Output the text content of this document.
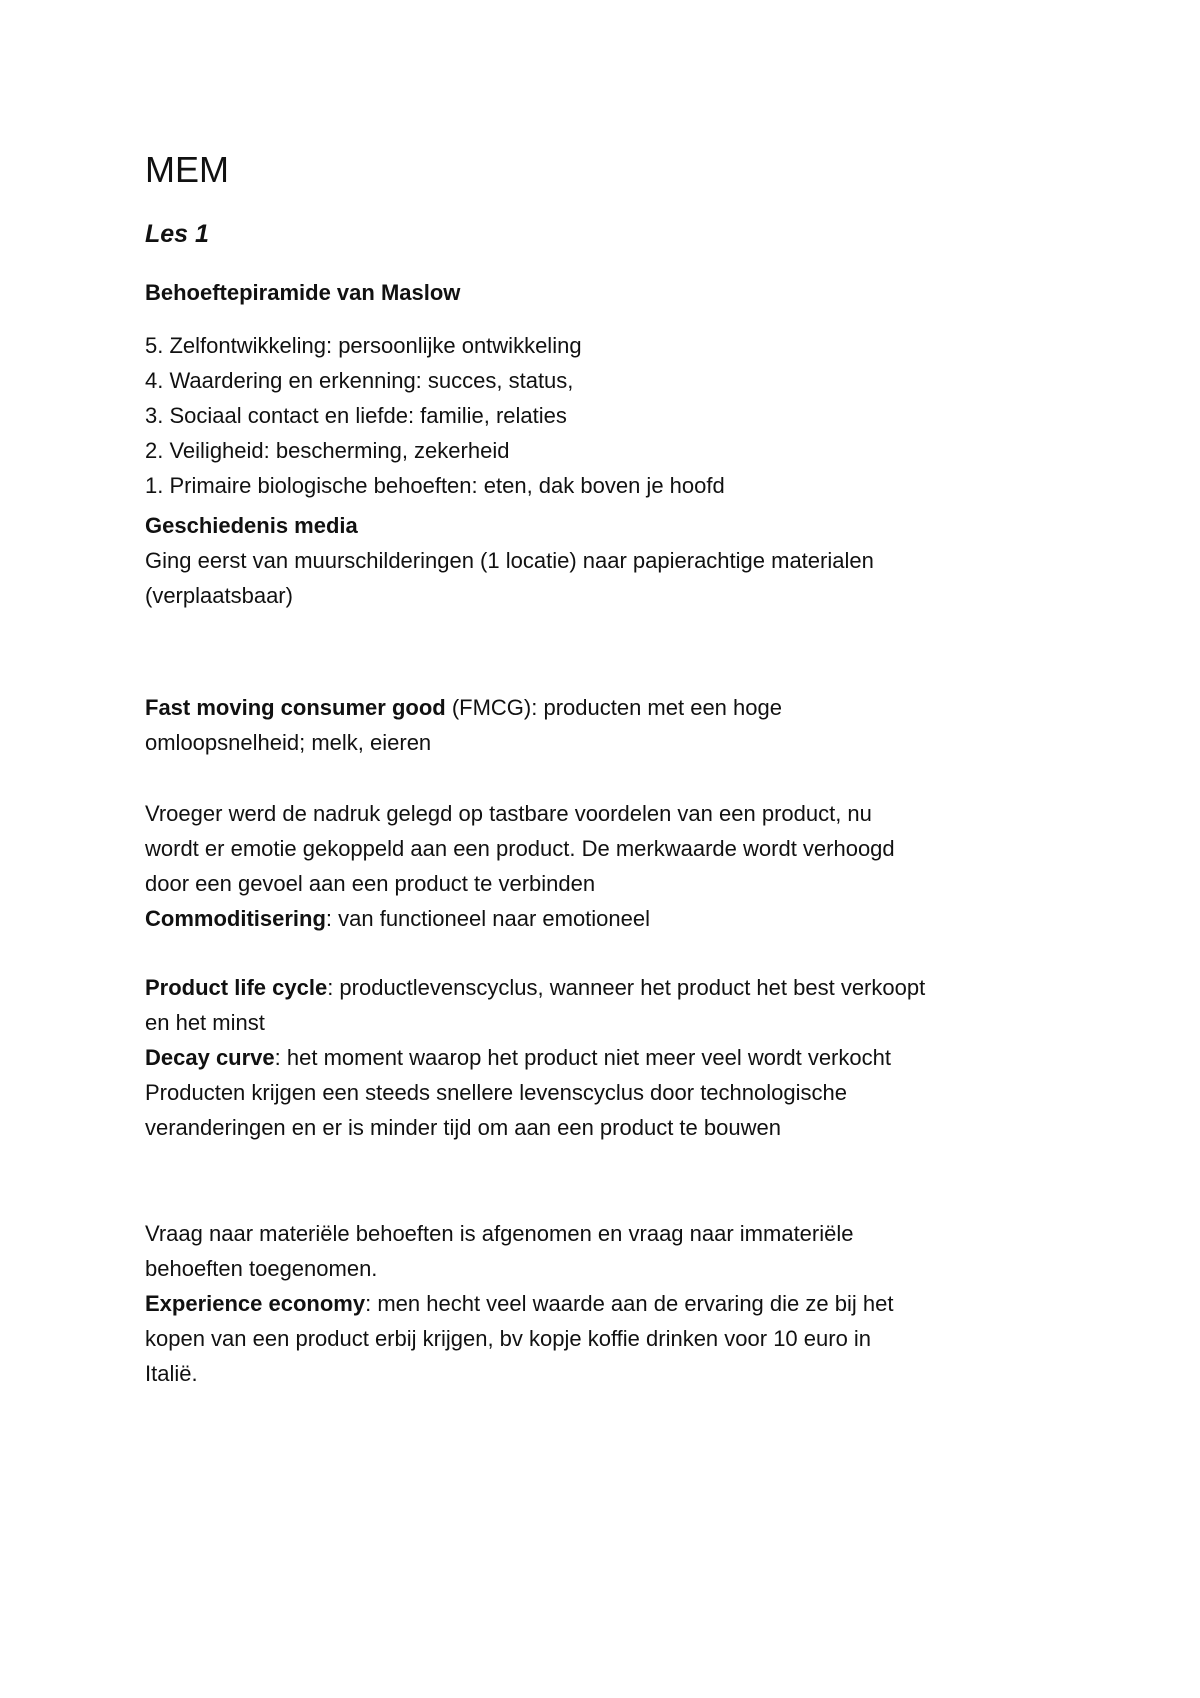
MEM
Les 1
Behoeftepiramide van Maslow
5. Zelfontwikkeling: persoonlijke ontwikkeling
4. Waardering en erkenning: succes, status,
3. Sociaal contact en liefde: familie, relaties
2. Veiligheid: bescherming, zekerheid
1. Primaire biologische behoeften: eten, dak boven je hoofd

Geschiedenis media

Ging eerst van muurschilderingen (1 locatie) naar papierachtige materialen

(verplaatsbaar)

Fast moving consumer good (FMCG): producten met een hoge

omloopsnelheid; melk, eieren

Vroeger werd de nadruk gelegd op tastbare voordelen van een product, nu

wordt er emotie gekoppeld aan een product. De merkwaarde wordt verhoogd

door een gevoel aan een product te verbinden

Commoditisering: van functioneel naar emotioneel

Product life cycle: productlevenscyclus, wanneer het product het best verkoopt

en het minst

Decay curve: het moment waarop het product niet meer veel wordt verkocht

Producten krijgen een steeds snellere levenscyclus door technologische

veranderingen en er is minder tijd om aan een product te bouwen

Vraag naar materiële behoeften is afgenomen en vraag naar immateriële

behoeften toegenomen.

Experience economy: men hecht veel waarde aan de ervaring die ze bij het

kopen van een product erbij krijgen, bv kopje koffie drinken voor 10 euro in

Italië.
